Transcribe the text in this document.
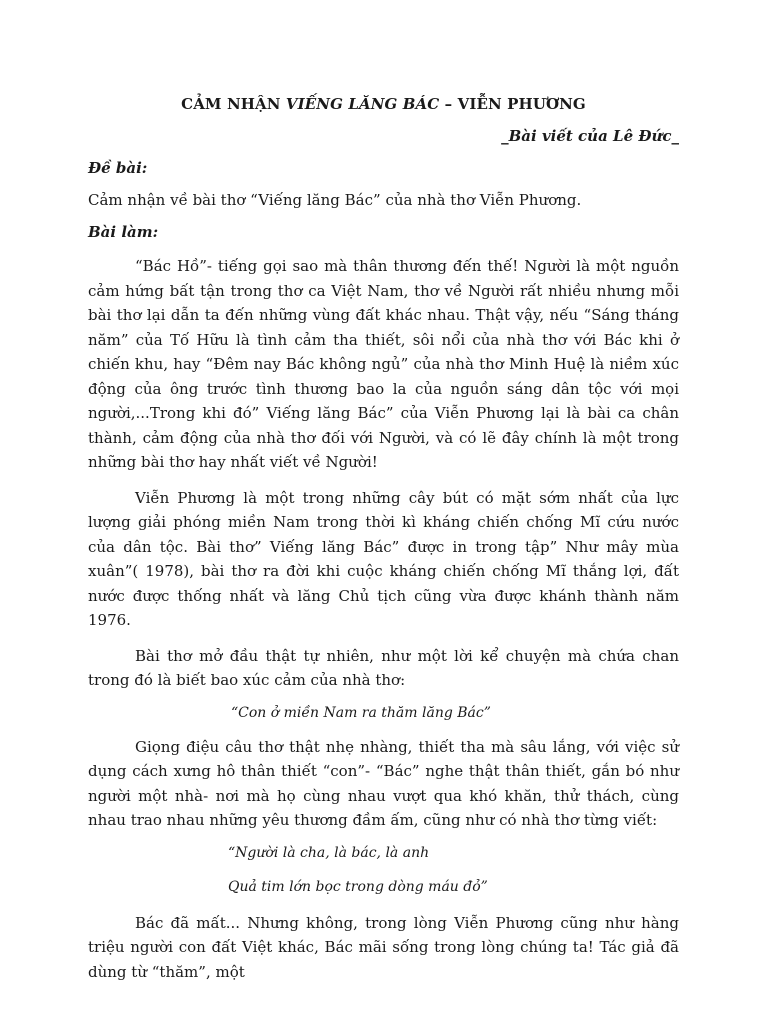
CẢM NHẬN VIẾNG LĂNG BÁC – VIỄN PHƯƠNG
_Bài viết của Lê Đức_
Đề bài:
Cảm nhận về bài thơ “Viếng lăng Bác” của nhà thơ Viễn Phương.
Bài làm:

“Bác Hồ”- tiếng gọi sao mà thân thương đến thế! Người là một nguồn cảm hứng bất tận trong thơ ca Việt Nam, thơ về Người rất nhiều nhưng mỗi bài thơ lại dẫn ta đến những vùng đất khác nhau. Thật vậy, nếu “Sáng tháng năm” của Tố Hữu là tình cảm tha thiết, sôi nổi của nhà thơ với Bác khi ở chiến khu, hay “Đêm nay Bác không ngủ” của nhà thơ Minh Huệ là niềm xúc động của ông trước tình thương bao la của nguồn sáng dân tộc với mọi người,...Trong khi đó” Viếng lăng Bác” của Viễn Phương lại là bài ca chân thành, cảm động của nhà thơ đối với Người, và có lẽ đây chính là một trong những bài thơ hay nhất viết về Người!

Viễn Phương là một trong những cây bút có mặt sớm nhất của lực lượng giải phóng miền Nam trong thời kì kháng chiến chống Mĩ cứu nước của dân tộc. Bài thơ” Viếng lăng Bác” được in trong tập” Như mây mùa xuân”( 1978), bài thơ ra đời khi cuộc kháng chiến chống Mĩ thắng lợi, đất nước được thống nhất và lăng Chủ tịch cũng vừa được khánh thành năm 1976.

Bài thơ mở đầu thật tự nhiên, như một lời kể chuyện mà chứa chan trong đó là biết bao xúc cảm của nhà thơ:

“Con ở miền Nam ra thăm lăng Bác”

Giọng điệu câu thơ thật nhẹ nhàng, thiết tha mà sâu lắng, với việc sử dụng cách xưng hô thân thiết “con”- “Bác” nghe thật thân thiết, gắn bó như người một nhà- nơi mà họ cùng nhau vượt qua khó khăn, thử thách, cùng nhau trao nhau những yêu thương đầm ấm, cũng như có nhà thơ từng viết:

“Người là cha, là bác, là anh
Quả tim lớn bọc trong dòng máu đỏ”

Bác đã mất... Nhưng không, trong lòng Viễn Phương cũng như hàng triệu người con đất Việt khác, Bác mãi sống trong lòng chúng ta! Tác giả đã dùng từ “thăm”, một
